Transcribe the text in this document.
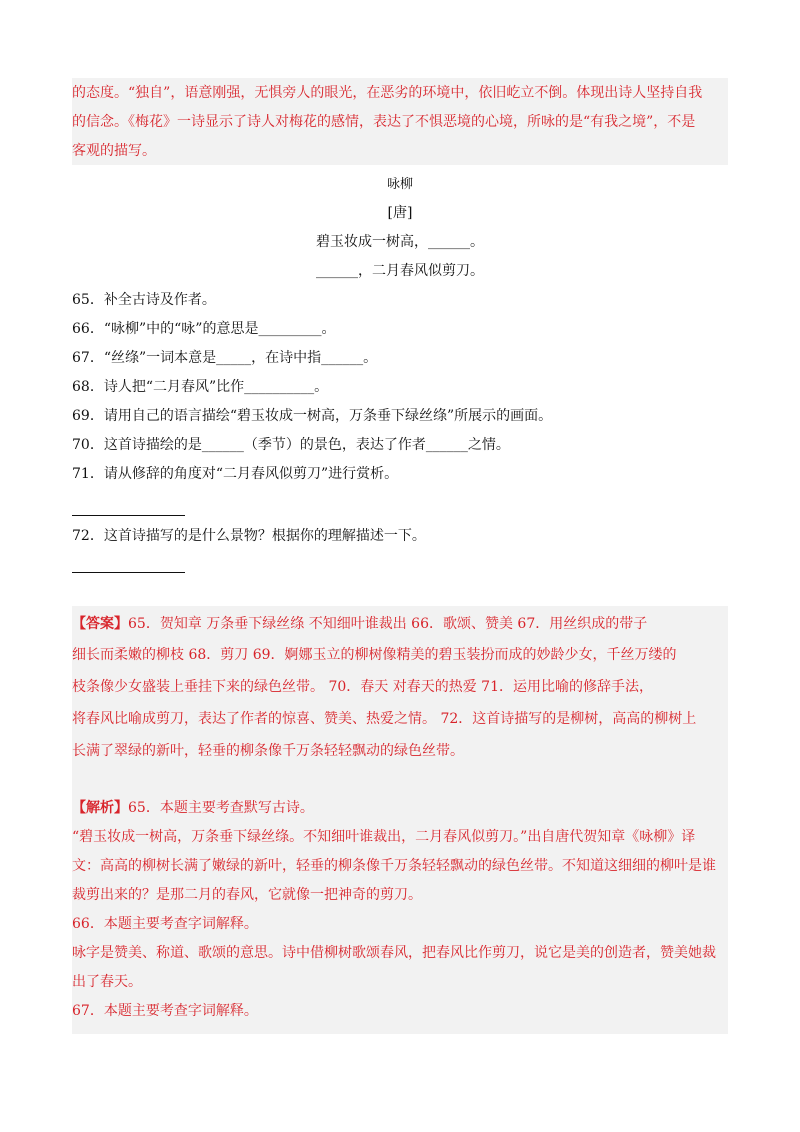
的态度。“独自”，语意刚强，无惧旁人的眼光，在恶劣的环境中，依旧屹立不倒。体现出诗人坚持自我
的信念。《梅花》一诗显示了诗人对梅花的感情，表达了不惧恶境的心境，所咏的是“有我之境”，不是
客观的描写。
咏柳
[唐]
碧玉妆成一树高，______。
______，二月春风似剪刀。
65．补全古诗及作者。
66．“咏柳”中的“咏”的意思是_________。
67．“丝绦”一词本意是_____，在诗中指______。
68．诗人把“二月春风”比作__________。
69．请用自己的语言描绘“碧玉妆成一树高，万条垂下绿丝绦”所展示的画面。
70．这首诗描绘的是______（季节）的景色，表达了作者______之情。
71．请从修辞的角度对“二月春风似剪刀”进行赏析。
72．这首诗描写的是什么景物？根据你的理解描述一下。
【答案】65．贺知章 万条垂下绿丝绦 不知细叶谁裁出 66．歌颂、赞美 67．用丝织成的带子
细长而柔嫩的柳枝 68．剪刀 69．婀娜玉立的柳树像精美的碧玉装扮而成的妙龄少女，千丝万缕的
枝条像少女盛装上垂挂下来的绿色丝带。 70．春天 对春天的热爱 71．运用比喻的修辞手法，
将春风比喻成剪刀，表达了作者的惊喜、赞美、热爱之情。 72．这首诗描写的是柳树，高高的柳树上
长满了翠绿的新叶，轻垂的柳条像千万条轻轻飘动的绿色丝带。
【解析】65．本题主要考查默写古诗。
“碧玉妆成一树高，万条垂下绿丝绦。不知细叶谁裁出，二月春风似剪刀。”出自唐代贺知章《咏柳》译
文：高高的柳树长满了嫩绿的新叶，轻垂的柳条像千万条轻轻飘动的绿色丝带。不知道这细细的柳叶是谁
裁剪出来的？是那二月的春风，它就像一把神奇的剪刀。
66．本题主要考查字词解释。
咏字是赞美、称道、歌颂的意思。诗中借柳树歌颂春风，把春风比作剪刀，说它是美的创造者，赞美她裁
出了春天。
67．本题主要考查字词解释。
